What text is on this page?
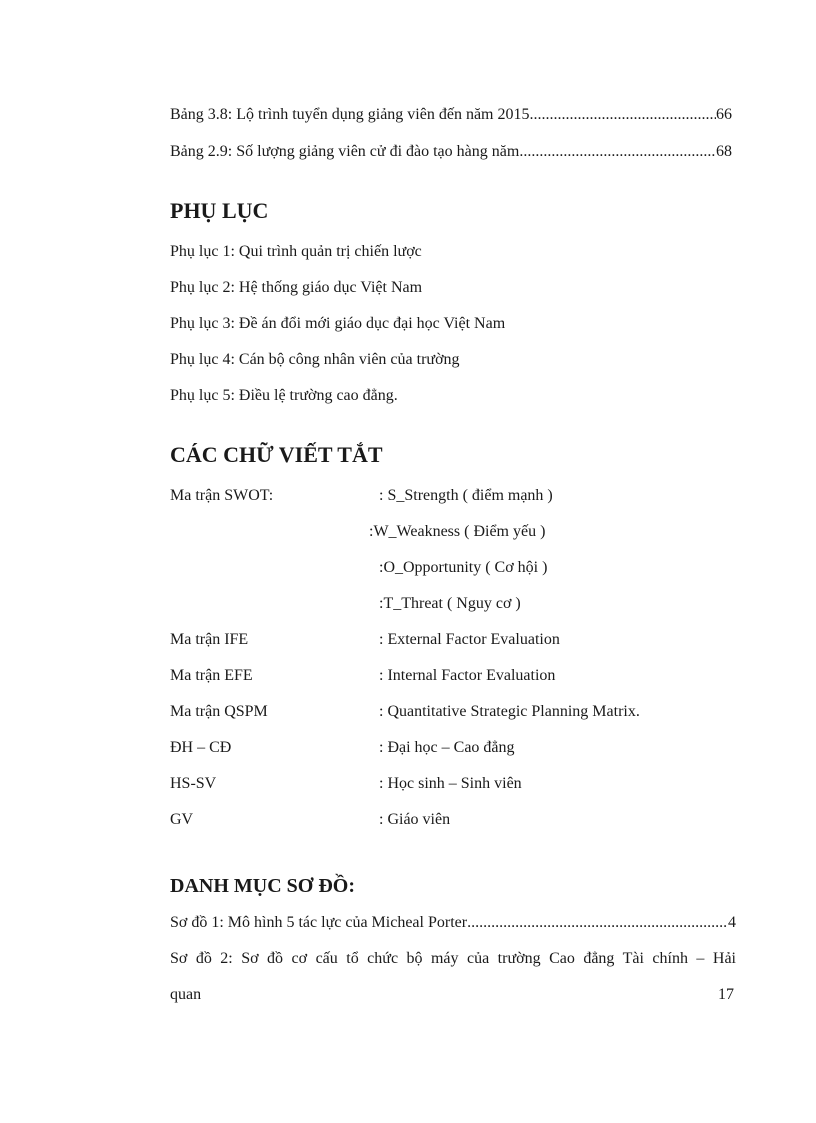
Bảng 3.8: Lộ trình tuyển dụng giảng viên đến năm 2015 .....	66
Bảng 2.9: Số lượng giảng viên cử đi đào tạo hàng năm .....	68
PHỤ LỤC
Phụ lục 1: Qui trình quản trị chiến lược
Phụ lục 2: Hệ thống giáo dục Việt Nam
Phụ lục 3: Đề án đổi mới giáo dục đại học Việt Nam
Phụ lục 4: Cán bộ công nhân viên của trường
Phụ lục 5: Điều lệ trường cao đẳng.
CÁC CHỮ VIẾT TẮT
Ma trận SWOT:	: S_Strength ( điểm mạnh )
:W_Weakness ( Điểm yếu )
:O_Opportunity ( Cơ hội )
:T_Threat ( Nguy cơ )
Ma trận IFE	: External Factor Evaluation
Ma trận EFE	: Internal Factor Evaluation
Ma trận QSPM	: Quantitative Strategic Planning Matrix.
ĐH – CĐ	: Đại học – Cao đẳng
HS-SV	: Học sinh – Sinh viên
GV	: Giáo viên
DANH MỤC SƠ ĐỒ:
Sơ đồ 1: Mô hình 5 tác lực của Micheal Porter .....	4
Sơ đồ 2: Sơ đồ cơ cấu tổ chức bộ máy của trường Cao đẳng Tài chính – Hải
quan	17
